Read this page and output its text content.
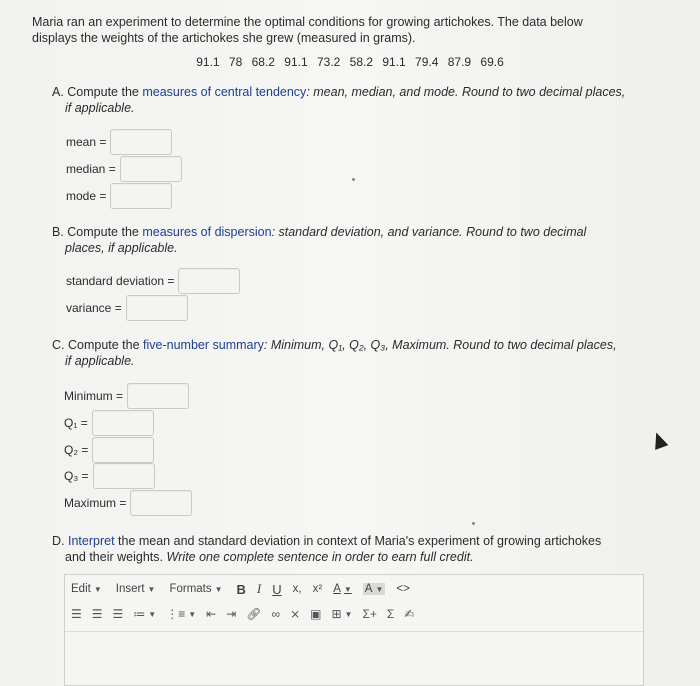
Maria ran an experiment to determine the optimal conditions for growing artichokes. The data below
displays the weights of the artichokes she grew (measured in grams).
91.1 78 68.2 91.1 73.2 58.2 91.1 79.4 87.9 69.6
A. Compute the measures of central tendency: mean, median, and mode. Round to two decimal places,
if applicable.
mean =
median =
mode =
B. Compute the measures of dispersion: standard deviation, and variance. Round to two decimal
places, if applicable.
standard deviation =
variance =
C. Compute the five-number summary: Minimum, Q₁, Q₂, Q₃, Maximum. Round to two decimal places,
if applicable.
Minimum =
Q₁ =
Q₂ =
Q₃ =
Maximum =
D. Interpret the mean and standard deviation in context of Maria's experiment of growing artichokes
and their weights. Write one complete sentence in order to earn full credit.
Edit ▼ Insert ▼ Formats ▼ B I U x, x² A ▼ A ▼ <>
☰ ☰ ☰ ≔ ▼ ⋮≡ ▼ ⇤ ⇥ 🔗︎ ∞ ⨯ ▣ ⊞ ▼ Σ+ Σ ✍
